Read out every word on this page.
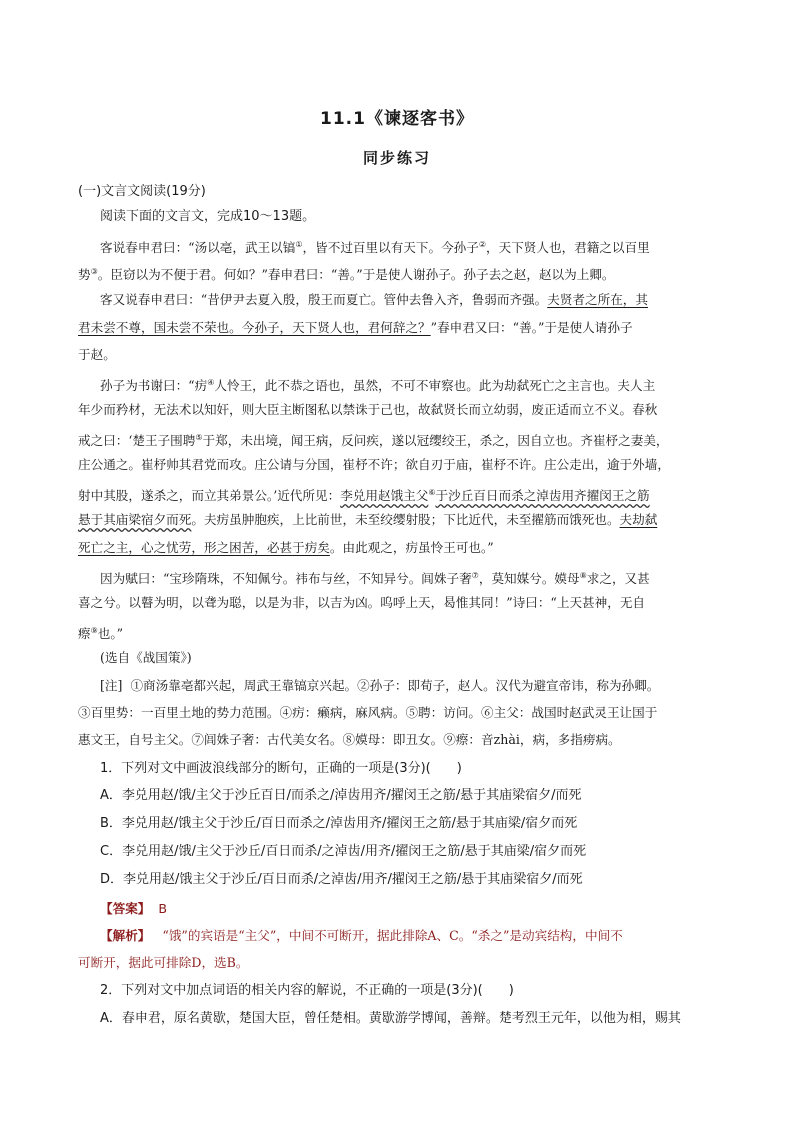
11.1《谏逐客书》
同步练习
(一)文言文阅读(19分)
阅读下面的文言文，完成10～13题。
客说春申君曰：“汤以亳，武王以镐①，皆不过百里以有天下。今孙子②，天下贤人也，君籍之以百里
势③。臣窃以为不便于君。何如？”春申君曰：“善。”于是使人谢孙子。孙子去之赵，赵以为上卿。
客又说春申君曰：“昔伊尹去夏入殷，殷王而夏亡。管仲去鲁入齐，鲁弱而齐强。夫贤者之所在，其
君未尝不尊，国未尝不荣也。今孙子，天下贤人也，君何辞之？”春申君又曰：“善。”于是使人请孙子
于赵。
孙子为书谢曰：“疠④人怜王，此不恭之语也，虽然，不可不审察也。此为劫弑死亡之主言也。夫人主
年少而矜材，无法术以知奸，则大臣主断图私以禁诛于己也，故弑贤长而立幼弱，废正适而立不义。春秋
戒之曰：‘楚王子围聘⑤于郑，未出境，闻王病，反问疾，遂以冠缨绞王，杀之，因自立也。齐崔杼之妻美，
庄公通之。崔杼帅其君党而攻。庄公请与分国，崔杼不许；欲自刃于庙，崔杼不许。庄公走出，逾于外墙，
射中其股，遂杀之，而立其弟景公。’近代所见：李兑用赵饿主父⑥于沙丘百日而杀之淖齿用齐擢闵王之筋
悬于其庙梁宿夕而死。夫疠虽肿胞疾，上比前世，未至绞缨射股；下比近代，未至擢筋而饿死也。夫劫弑
死亡之主，心之忧劳，形之困苦，必甚于疠矣。由此观之，疠虽怜王可也。”
因为赋曰：“宝珍隋珠，不知佩兮。祎布与丝，不知异兮。闾姝子奢⑦，莫知媒兮。嫫母⑧求之，又甚
喜之兮。以瞽为明，以聋为聪，以是为非，以吉为凶。呜呼上天，曷惟其同！”诗曰：“上天甚神，无自
瘵⑨也。”
(选自《战国策》)
[注] ①商汤靠亳都兴起，周武王靠镐京兴起。②孙子：即荀子，赵人。汉代为避宣帝讳，称为孙卿。
③百里势：一百里土地的势力范围。④疠：癞病，麻风病。⑤聘：访问。⑥主父：战国时赵武灵王让国于
惠文王，自号主父。⑦闾姝子奢：古代美女名。⑧嫫母：即丑女。⑨瘵：音zhài，病，多指痨病。
1．下列对文中画波浪线部分的断句，正确的一项是(3分)(　　)
A．李兑用赵/饿/主父于沙丘百日/而杀之/淖齿用齐/擢闵王之筋/悬于其庙梁宿夕/而死
B．李兑用赵/饿主父于沙丘/百日而杀之/淖齿用齐/擢闵王之筋/悬于其庙梁/宿夕而死
C．李兑用赵/饿/主父于沙丘/百日而杀/之淖齿/用齐/擢闵王之筋/悬于其庙梁/宿夕而死
D．李兑用赵/饿主父于沙丘/百日而杀/之淖齿/用齐/擢闵王之筋/悬于其庙梁宿夕/而死
【答案】 B
【解析】 “饿”的宾语是“主父”，中间不可断开，据此排除A、C。“杀之”是动宾结构，中间不
可断开，据此可排除D，选B。
2．下列对文中加点词语的相关内容的解说，不正确的一项是(3分)(　　)
A．春申君，原名黄歇，楚国大臣，曾任楚相。黄歇游学博闻，善辩。楚考烈王元年，以他为相，赐其
